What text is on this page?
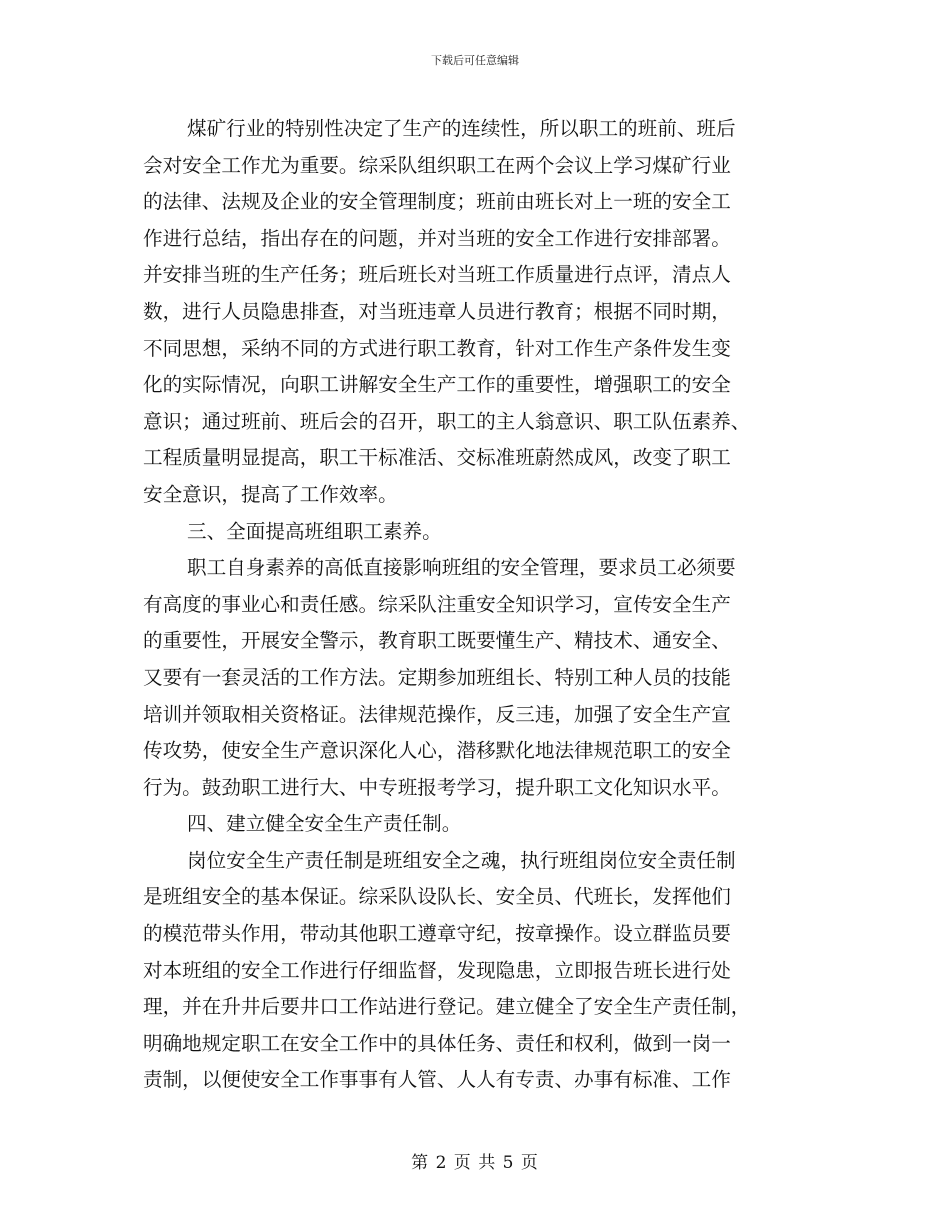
下载后可任意编辑
煤矿行业的特别性决定了生产的连续性，所以职工的班前、班后
会对安全工作尤为重要。综采队组织职工在两个会议上学习煤矿行业
的法律、法规及企业的安全管理制度；班前由班长对上一班的安全工
作进行总结，指出存在的问题，并对当班的安全工作进行安排部署。
并安排当班的生产任务；班后班长对当班工作质量进行点评，清点人
数，进行人员隐患排查，对当班违章人员进行教育；根据不同时期，
不同思想，采纳不同的方式进行职工教育，针对工作生产条件发生变
化的实际情况，向职工讲解安全生产工作的重要性，增强职工的安全
意识；通过班前、班后会的召开，职工的主人翁意识、职工队伍素养、
工程质量明显提高，职工干标准活、交标准班蔚然成风，改变了职工
安全意识，提高了工作效率。
三、全面提高班组职工素养。
职工自身素养的高低直接影响班组的安全管理，要求员工必须要
有高度的事业心和责任感。综采队注重安全知识学习，宣传安全生产
的重要性，开展安全警示，教育职工既要懂生产、精技术、通安全、
又要有一套灵活的工作方法。定期参加班组长、特别工种人员的技能
培训并领取相关资格证。法律规范操作，反三违，加强了安全生产宣
传攻势，使安全生产意识深化人心，潜移默化地法律规范职工的安全
行为。鼓劲职工进行大、中专班报考学习，提升职工文化知识水平。
四、建立健全安全生产责任制。
岗位安全生产责任制是班组安全之魂，执行班组岗位安全责任制
是班组安全的基本保证。综采队设队长、安全员、代班长，发挥他们
的模范带头作用，带动其他职工遵章守纪，按章操作。设立群监员要
对本班组的安全工作进行仔细监督，发现隐患，立即报告班长进行处
理，并在升井后要井口工作站进行登记。建立健全了安全生产责任制，
明确地规定职工在安全工作中的具体任务、责任和权利，做到一岗一
责制，以便使安全工作事事有人管、人人有专责、办事有标准、工作
第 2 页 共 5 页
